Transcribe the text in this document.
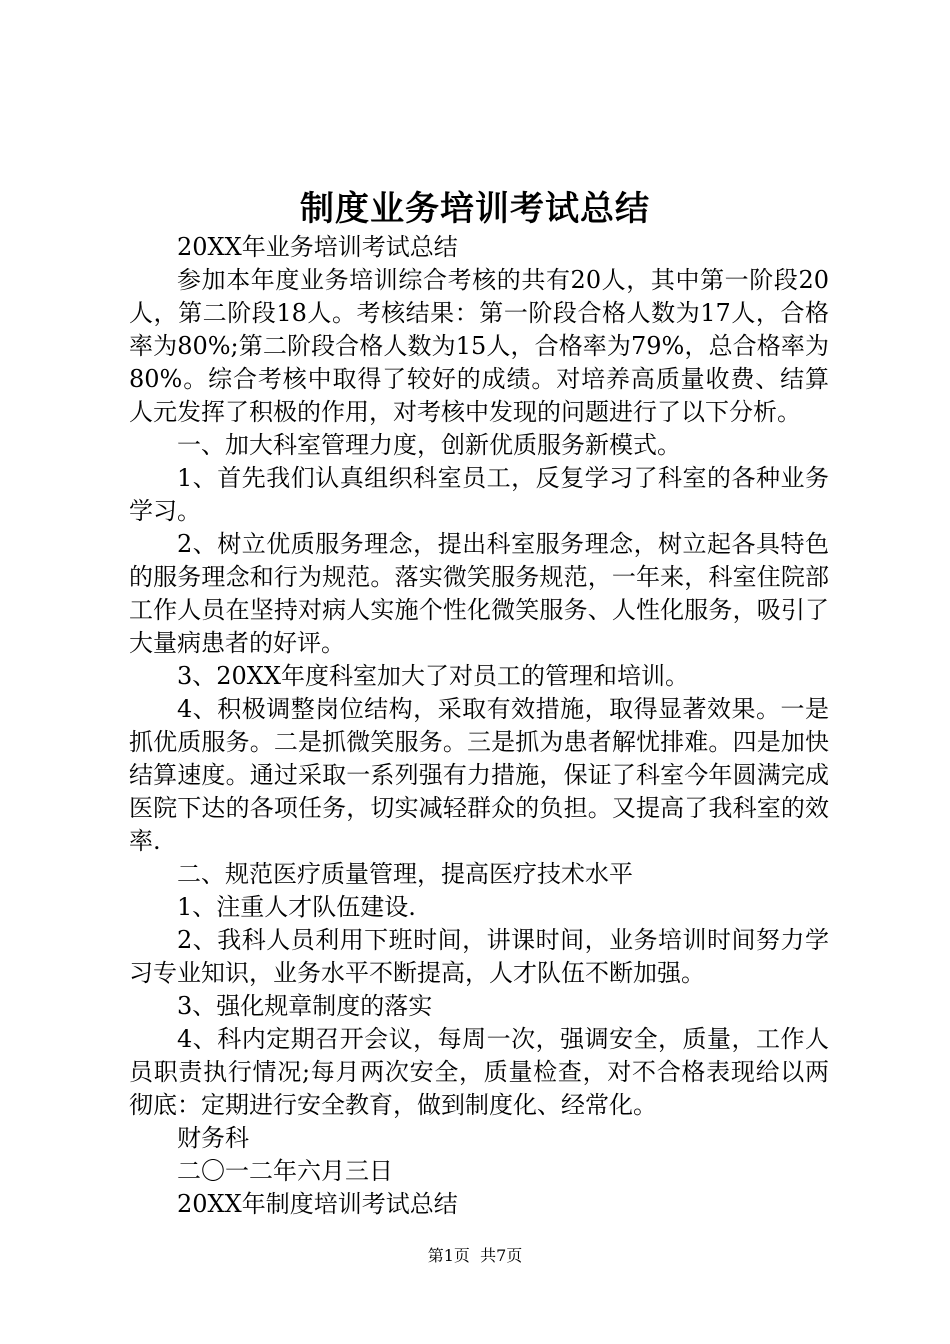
制度业务培训考试总结

20XX年业务培训考试总结

参加本年度业务培训综合考核的共有20人，其中第一阶段20人，第二阶段18人。考核结果：第一阶段合格人数为17人，合格率为80%;第二阶段合格人数为15人，合格率为79%，总合格率为80%。综合考核中取得了较好的成绩。对培养高质量收费、结算人元发挥了积极的作用，对考核中发现的问题进行了以下分析。

一、加大科室管理力度，创新优质服务新模式。

1、首先我们认真组织科室员工，反复学习了科室的各种业务学习。

2、树立优质服务理念，提出科室服务理念，树立起各具特色的服务理念和行为规范。落实微笑服务规范，一年来，科室住院部工作人员在坚持对病人实施个性化微笑服务、人性化服务，吸引了大量病患者的好评。

3、20XX年度科室加大了对员工的管理和培训。

4、积极调整岗位结构，采取有效措施，取得显著效果。一是抓优质服务。二是抓微笑服务。三是抓为患者解忧排难。四是加快结算速度。通过采取一系列强有力措施，保证了科室今年圆满完成医院下达的各项任务，切实减轻群众的负担。又提高了我科室的效率.

二、规范医疗质量管理，提高医疗技术水平

1、注重人才队伍建设.

2、我科人员利用下班时间，讲课时间，业务培训时间努力学习专业知识，业务水平不断提高，人才队伍不断加强。

3、强化规章制度的落实

4、科内定期召开会议，每周一次，强调安全，质量，工作人员职责执行情况;每月两次安全，质量检查，对不合格表现给以两彻底：定期进行安全教育，做到制度化、经常化。

财务科

二〇一二年六月三日

20XX年制度培训考试总结

第1页  共7页
